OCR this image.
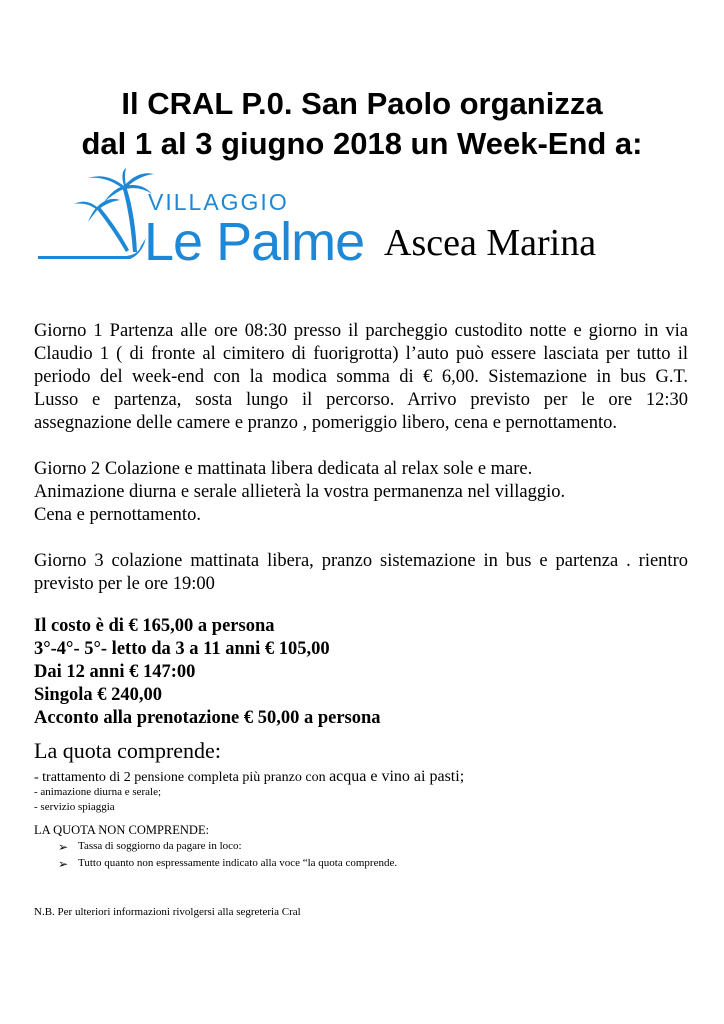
Il CRAL P.0. San Paolo organizza
dal 1 al 3 giugno 2018 un Week-End a:
VILLAGGIO
Le Palme Ascea Marina
Giorno 1 Partenza alle ore 08:30 presso il parcheggio custodito notte e giorno in via
Claudio 1 ( di fronte al cimitero di fuorigrotta) l’auto può essere lasciata per tutto il
periodo del week-end con la modica somma di € 6,00. Sistemazione in bus G.T.
Lusso e partenza, sosta lungo il percorso. Arrivo previsto per le ore 12:30
assegnazione delle camere e pranzo , pomeriggio libero, cena e pernottamento.
Giorno 2 Colazione e mattinata libera dedicata al relax sole e mare.
Animazione diurna e serale allieterà la vostra permanenza nel villaggio.
Cena e pernottamento.
Giorno 3 colazione mattinata libera, pranzo sistemazione in bus e partenza . rientro
previsto per le ore 19:00
Il costo è di € 165,00 a persona
3°-4°- 5°- letto da 3 a 11 anni € 105,00
Dai 12 anni € 147:00
Singola € 240,00
Acconto alla prenotazione € 50,00 a persona
La quota comprende:
- trattamento di 2 pensione completa più pranzo con acqua e vino ai pasti;
- animazione diurna e serale;
- servizio spiaggia
LA QUOTA NON COMPRENDE:
➢ Tassa di soggiorno da pagare in loco:
➢ Tutto quanto non espressamente indicato alla voce “la quota comprende.
N.B. Per ulteriori informazioni rivolgersi alla segreteria Cral
